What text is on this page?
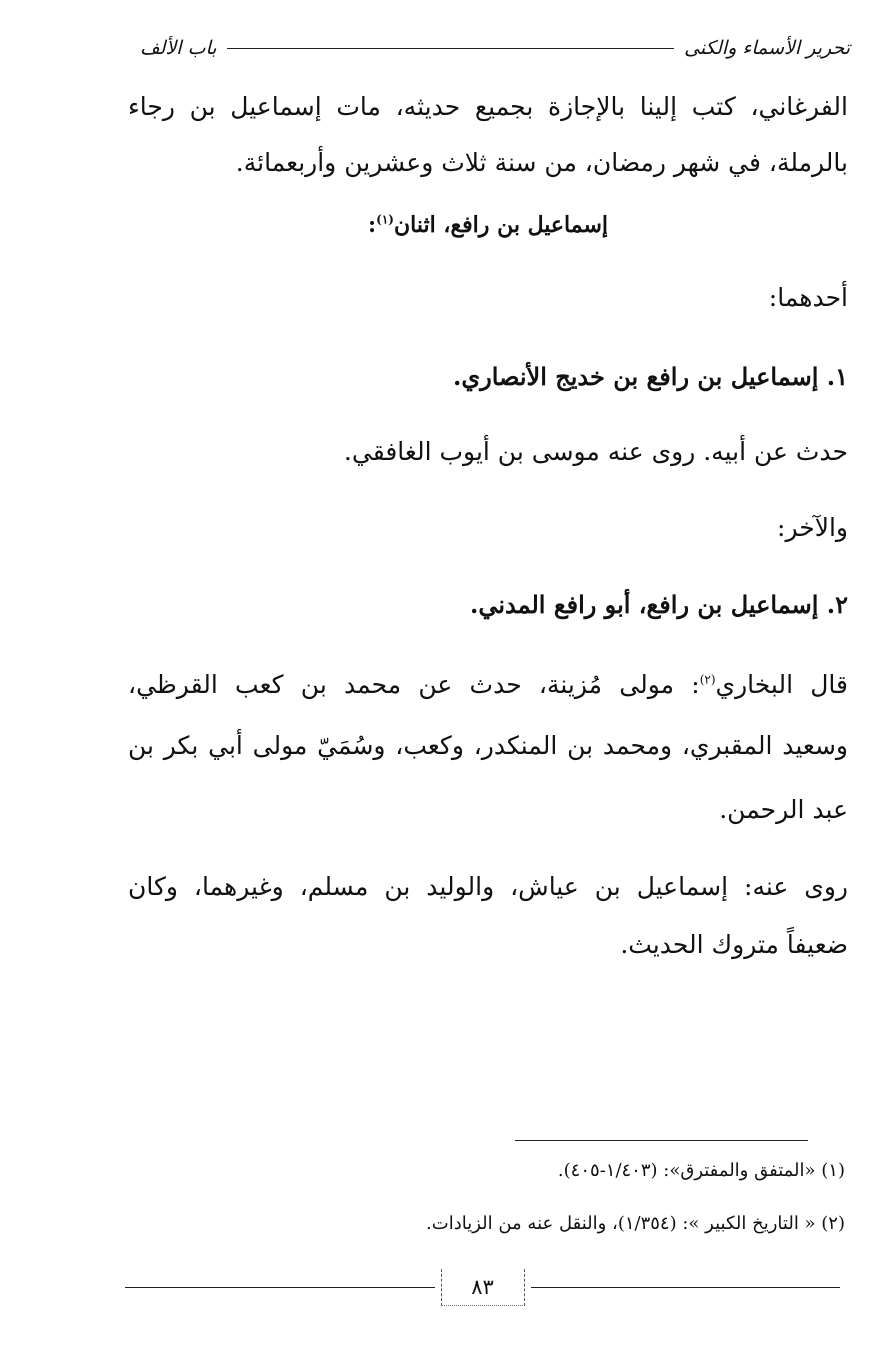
تحرير الأسماء والكنى
باب الألف
الفرغاني، كتب إلينا بالإجازة بجميع حديثه، مات إسماعيل بن رجاء
بالرملة، في شهر رمضان، من سنة ثلاث وعشرين وأربعمائة.
إسماعيل بن رافع، اثنان$^{(١)}$:
أحدهما:
١. إسماعيل بن رافع بن خديج الأنصاري.
حدث عن أبيه. روى عنه موسى بن أيوب الغافقي.
والآخر:
٢. إسماعيل بن رافع، أبو رافع المدني.
قال البخاري$^{(٢)}$: مولى مُزينة، حدث عن محمد بن كعب القرظي،
وسعيد المقبري، ومحمد بن المنكدر، وكعب، وسُمَيّ مولى أبي بكر بن
عبد الرحمن.
روى عنه: إسماعيل بن عياش، والوليد بن مسلم، وغيرهما، وكان
ضعيفاً متروك الحديث.
(١) «المتفق والمفترق»: (١/٤٠٣-٤٠٥).
(٢) « التاريخ الكبير »: (١/٣٥٤)، والنقل عنه من الزيادات.
٨٣
